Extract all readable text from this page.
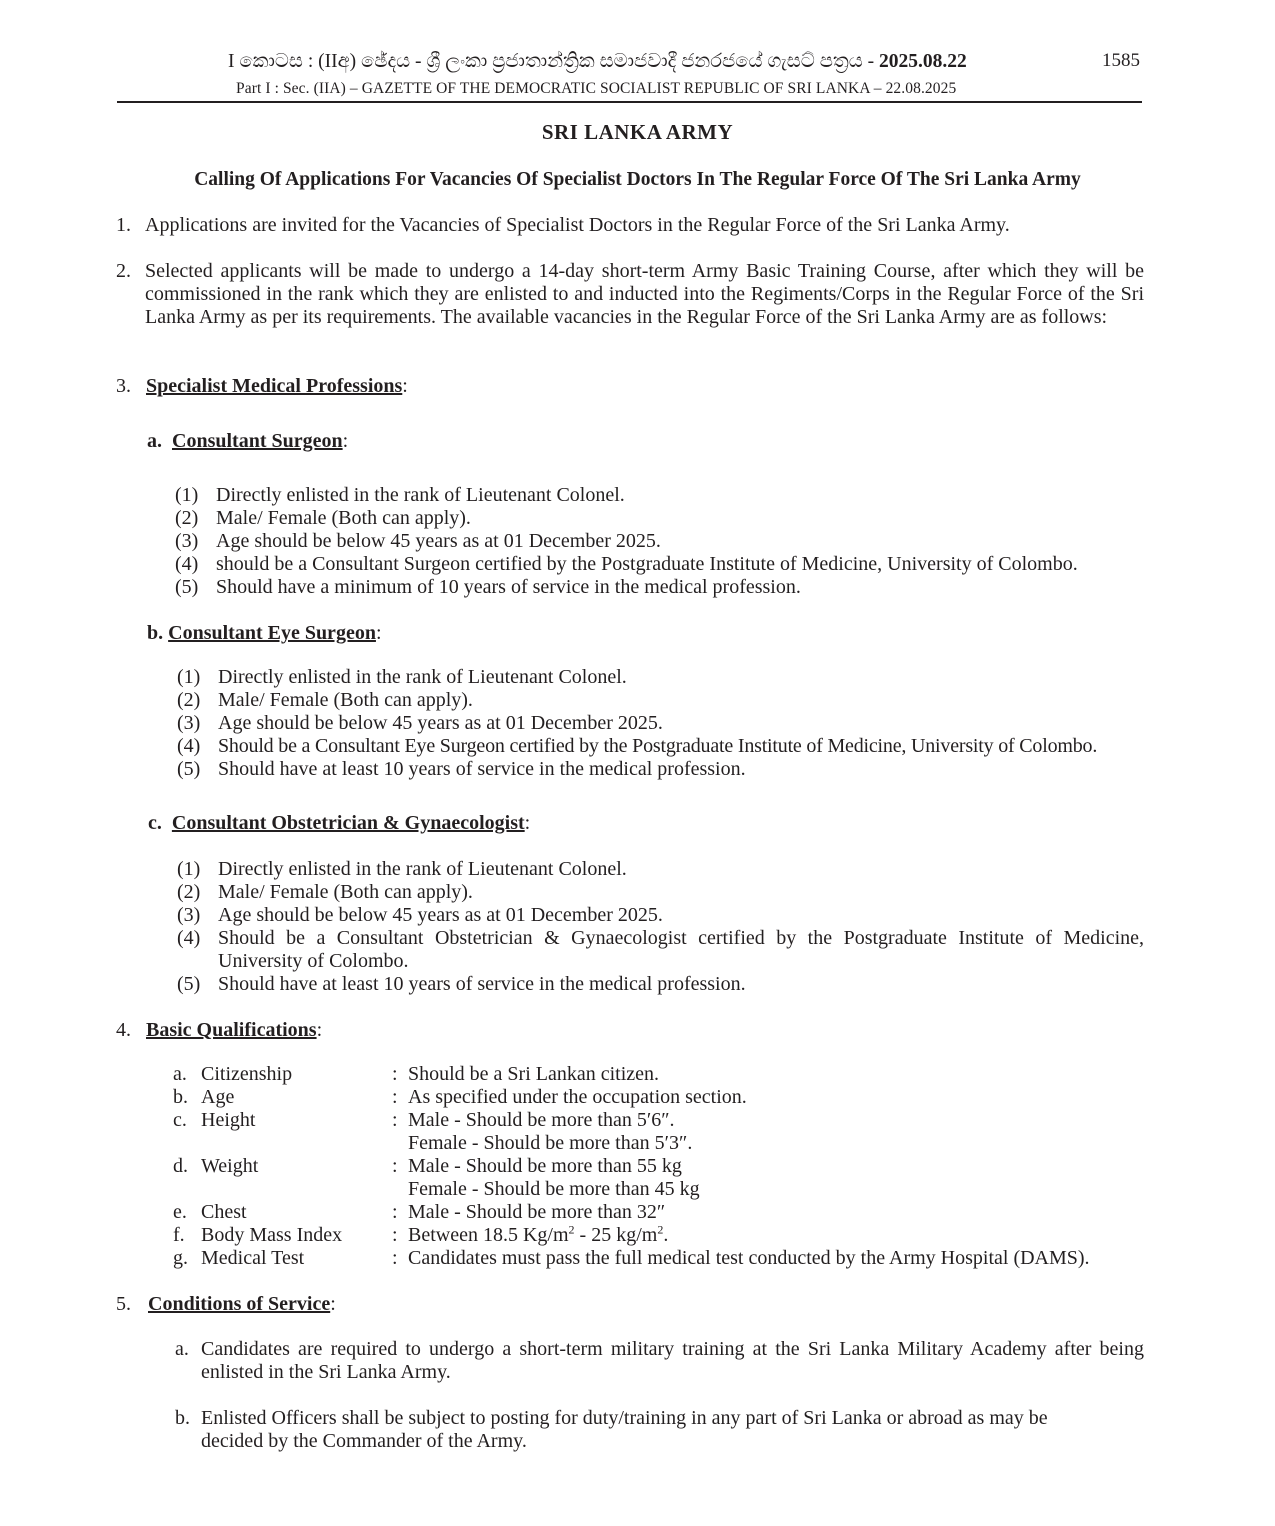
I කොටස : (IIඅ) ඡේදය - ශ්‍රී ලංකා ප්‍රජාතාන්ත්‍රික සමාජවාදී ජනරජයේ ගැසට් පත්‍රය - 2025.08.22	1585
Part I : Sec. (IIA) – GAZETTE OF THE DEMOCRATIC SOCIALIST REPUBLIC OF SRI LANKA – 22.08.2025
SRI LANKA ARMY
Calling Of Applications For Vacancies Of Specialist Doctors In The Regular Force Of The Sri Lanka Army
1. Applications are invited for the Vacancies of Specialist Doctors in the Regular Force of the Sri Lanka Army.
2. Selected applicants will be made to undergo a 14-day short-term Army Basic Training Course, after which they will be commissioned in the rank which they are enlisted to and inducted into the Regiments/Corps in the Regular Force of the Sri Lanka Army as per its requirements. The available vacancies in the Regular Force of the Sri Lanka Army are as follows:
3. Specialist Medical Professions:
a. Consultant Surgeon:
(1) Directly enlisted in the rank of Lieutenant Colonel.
(2) Male/ Female (Both can apply).
(3) Age should be below 45 years as at 01 December 2025.
(4) should be a Consultant Surgeon certified by the Postgraduate Institute of Medicine, University of Colombo.
(5) Should have a minimum of 10 years of service in the medical profession.
b. Consultant Eye Surgeon:
(1) Directly enlisted in the rank of Lieutenant Colonel.
(2) Male/ Female (Both can apply).
(3) Age should be below 45 years as at 01 December 2025.
(4) Should be a Consultant Eye Surgeon certified by the Postgraduate Institute of Medicine, University of Colombo.
(5) Should have at least 10 years of service in the medical profession.
c. Consultant Obstetrician & Gynaecologist:
(1) Directly enlisted in the rank of Lieutenant Colonel.
(2) Male/ Female (Both can apply).
(3) Age should be below 45 years as at 01 December 2025.
(4) Should be a Consultant Obstetrician & Gynaecologist certified by the Postgraduate Institute of Medicine, University of Colombo.
(5) Should have at least 10 years of service in the medical profession.
4. Basic Qualifications:
a. Citizenship	: Should be a Sri Lankan citizen.
b. Age	: As specified under the occupation section.
c. Height	: Male - Should be more than 5′6″.
Female - Should be more than 5′3″.
d. Weight	: Male - Should be more than 55 kg
Female - Should be more than 45 kg
e. Chest	: Male - Should be more than 32″
f. Body Mass Index : Between 18.5 $Kg/m^2 - 25$ $kg/m^2$.
g. Medical Test	: Candidates must pass the full medical test conducted by the Army Hospital (DAMS).
5. Conditions of Service:
a. Candidates are required to undergo a short-term military training at the Sri Lanka Military Academy after being enlisted in the Sri Lanka Army.
b. Enlisted Officers shall be subject to posting for duty/training in any part of Sri Lanka or abroad as may be decided by the Commander of the Army.
